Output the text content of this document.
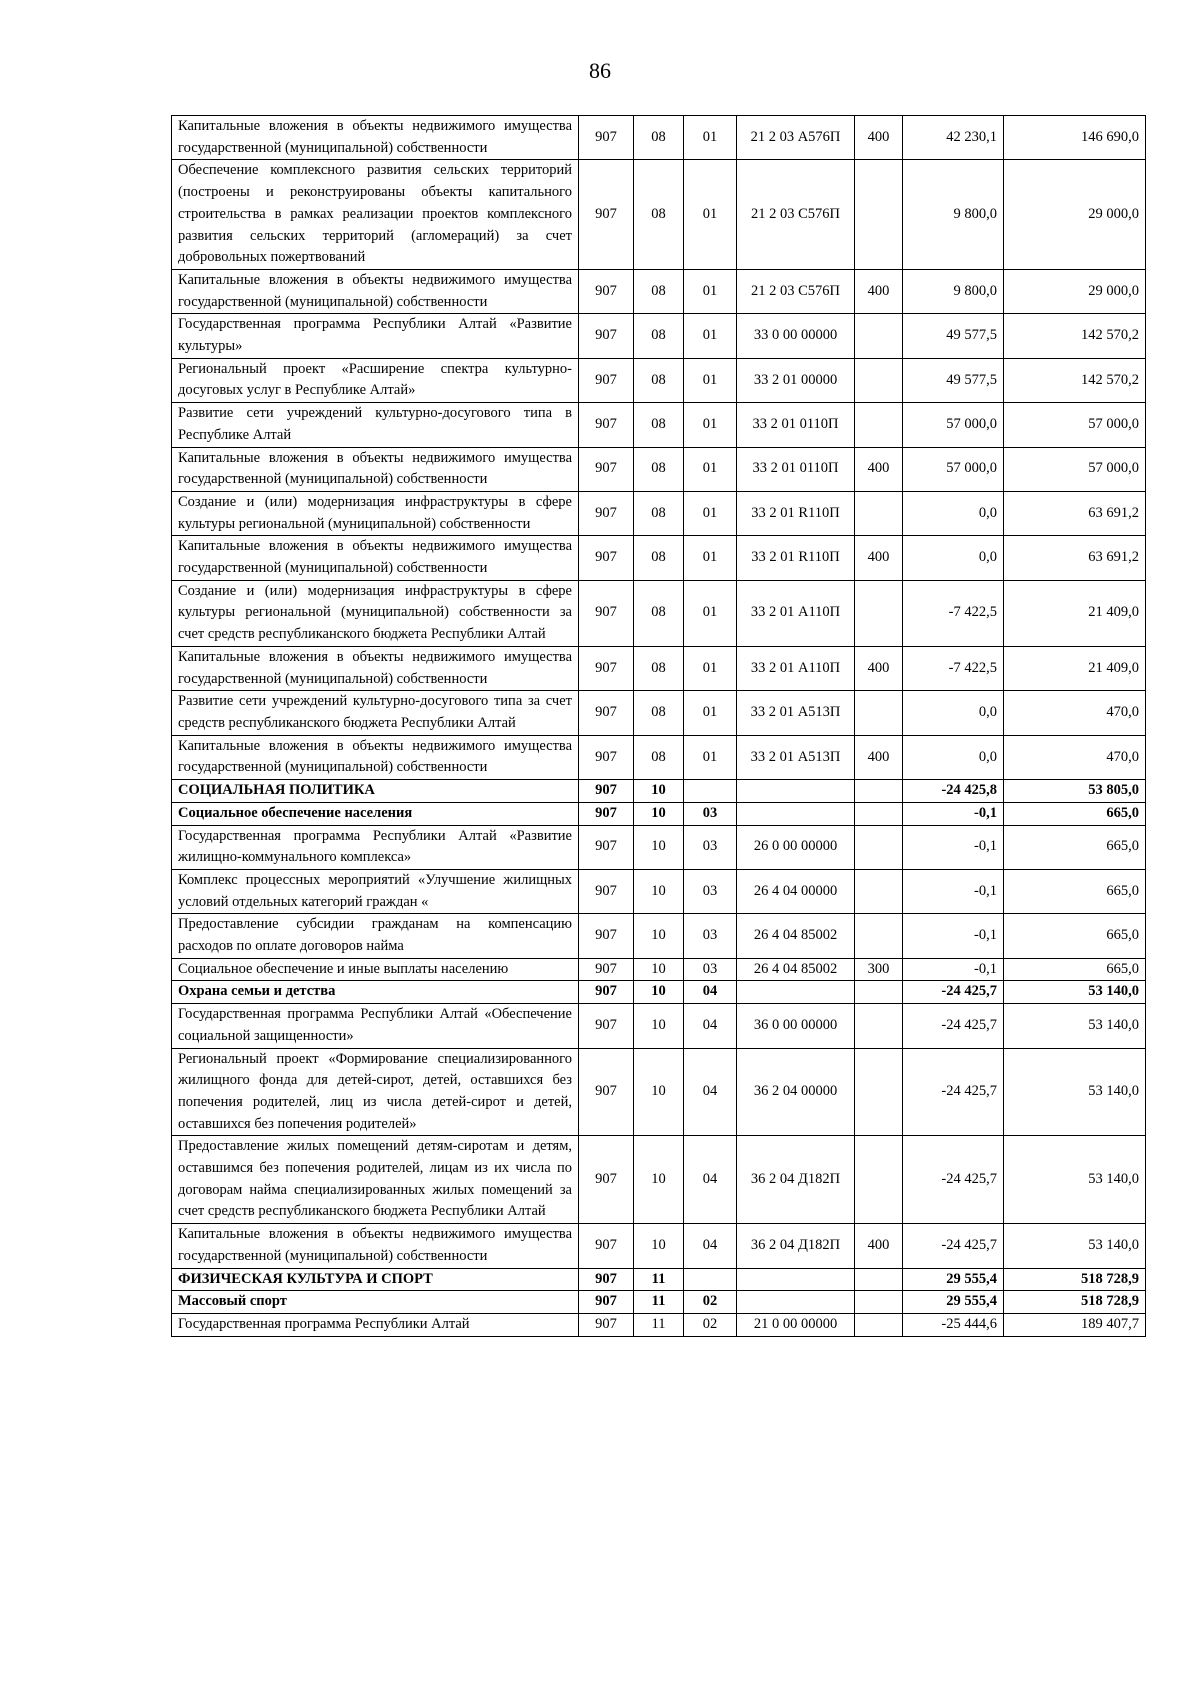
86
Капитальные вложения в объекты недвижимого имущества государственной (муниципальной) собственности	907	08	01	21 2 03 А576П	400	42 230,1	146 690,0
Обеспечение комплексного развития сельских территорий (построены и реконструированы объекты капитального строительства в рамках реализации проектов комплексного развития сельских территорий (агломераций) за счет добровольных пожертвований	907	08	01	21 2 03 С576П		9 800,0	29 000,0
Капитальные вложения в объекты недвижимого имущества государственной (муниципальной) собственности	907	08	01	21 2 03 С576П	400	9 800,0	29 000,0
Государственная программа Республики Алтай «Развитие культуры»	907	08	01	33 0 00 00000		49 577,5	142 570,2
Региональный проект «Расширение спектра культурно-досуговых услуг в Республике Алтай»	907	08	01	33 2 01 00000		49 577,5	142 570,2
Развитие сети учреждений культурно-досугового типа в Республике Алтай	907	08	01	33 2 01 0110П		57 000,0	57 000,0
Капитальные вложения в объекты недвижимого имущества государственной (муниципальной) собственности	907	08	01	33 2 01 0110П	400	57 000,0	57 000,0
Создание и (или) модернизация инфраструктуры в сфере культуры региональной (муниципальной) собственности	907	08	01	33 2 01 R110П		0,0	63 691,2
Капитальные вложения в объекты недвижимого имущества государственной (муниципальной) собственности	907	08	01	33 2 01 R110П	400	0,0	63 691,2
Создание и (или) модернизация инфраструктуры в сфере культуры региональной (муниципальной) собственности за счет средств республиканского бюджета Республики Алтай	907	08	01	33 2 01 А110П		-7 422,5	21 409,0
Капитальные вложения в объекты недвижимого имущества государственной (муниципальной) собственности	907	08	01	33 2 01 А110П	400	-7 422,5	21 409,0
Развитие сети учреждений культурно-досугового типа за счет средств республиканского бюджета Республики Алтай	907	08	01	33 2 01 А513П		0,0	470,0
Капитальные вложения в объекты недвижимого имущества государственной (муниципальной) собственности	907	08	01	33 2 01 А513П	400	0,0	470,0
СОЦИАЛЬНАЯ ПОЛИТИКА	907	10				-24 425,8	53 805,0
Социальное обеспечение населения	907	10	03			-0,1	665,0
Государственная программа Республики Алтай «Развитие жилищно-коммунального комплекса»	907	10	03	26 0 00 00000		-0,1	665,0
Комплекс процессных мероприятий «Улучшение жилищных условий отдельных категорий граждан «	907	10	03	26 4 04 00000		-0,1	665,0
Предоставление субсидии гражданам на компенсацию расходов по оплате договоров найма	907	10	03	26 4 04 85002		-0,1	665,0
Социальное обеспечение и иные выплаты населению	907	10	03	26 4 04 85002	300	-0,1	665,0
Охрана семьи и детства	907	10	04			-24 425,7	53 140,0
Государственная программа Республики Алтай «Обеспечение социальной защищенности»	907	10	04	36 0 00 00000		-24 425,7	53 140,0
Региональный проект «Формирование специализированного жилищного фонда для детей-сирот, детей, оставшихся без попечения родителей, лиц из числа детей-сирот и детей, оставшихся без попечения родителей»	907	10	04	36 2 04 00000		-24 425,7	53 140,0
Предоставление жилых помещений детям-сиротам и детям, оставшимся без попечения родителей, лицам из их числа по договорам найма специализированных жилых помещений за счет средств республиканского бюджета Республики Алтай	907	10	04	36 2 04 Д182П		-24 425,7	53 140,0
Капитальные вложения в объекты недвижимого имущества государственной (муниципальной) собственности	907	10	04	36 2 04 Д182П	400	-24 425,7	53 140,0
ФИЗИЧЕСКАЯ КУЛЬТУРА И СПОРТ	907	11				29 555,4	518 728,9
Массовый спорт	907	11	02			29 555,4	518 728,9
Государственная программа Республики Алтай	907	11	02	21 0 00 00000		-25 444,6	189 407,7
